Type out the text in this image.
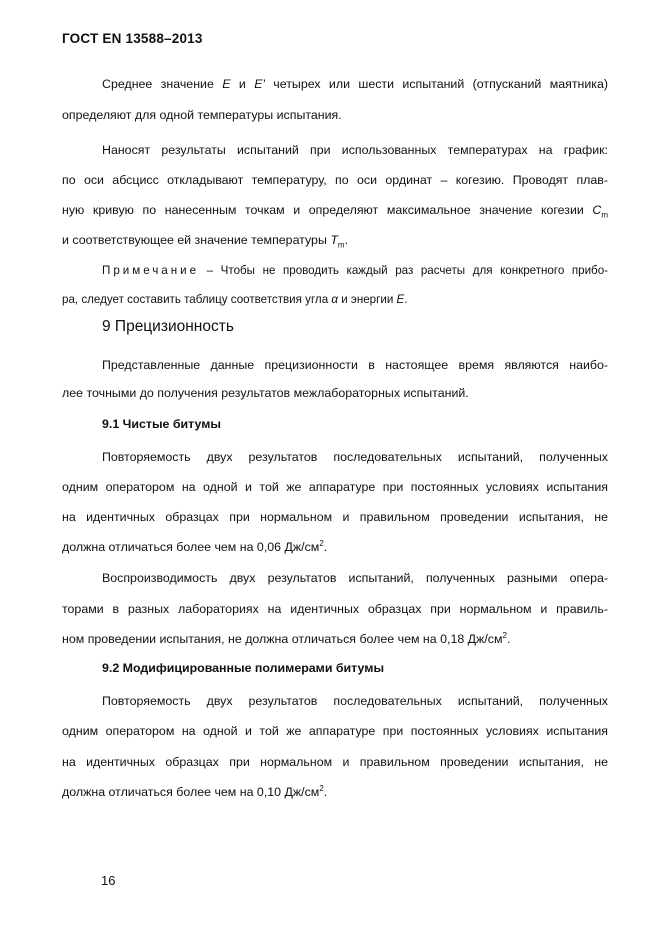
ГОСТ EN 13588–2013
Среднее значение E и E' четырех или шести испытаний (отпусканий маятника)
определяют для одной температуры испытания.
Наносят результаты испытаний при использованных температурах на график:
по оси абсцисс откладывают температуру, по оси ординат – когезию. Проводят плав-
ную кривую по нанесенным точкам и определяют максимальное значение когезии $C_m$
и соответствующее ей значение температуры $T_m$.
Примечание – Чтобы не проводить каждый раз расчеты для конкретного прибо-
ра, следует составить таблицу соответствия угла α и энергии E.
9 Прецизионность
Представленные данные прецизионности в настоящее время являются наибо-
лее точными до получения результатов межлабораторных испытаний.
9.1 Чистые битумы
Повторяемость двух результатов последовательных испытаний, полученных
одним оператором на одной и той же аппаратуре при постоянных условиях испытания
на идентичных образцах при нормальном и правильном проведении испытания, не
должна отличаться более чем на 0,06 $Дж/см^2$.
Воспроизводимость двух результатов испытаний, полученных разными опера-
торами в разных лабораториях на идентичных образцах при нормальном и правиль-
ном проведении испытания, не должна отличаться более чем на 0,18 $Дж/см^2$.
9.2 Модифицированные полимерами битумы
Повторяемость двух результатов последовательных испытаний, полученных
одним оператором на одной и той же аппаратуре при постоянных условиях испытания
на идентичных образцах при нормальном и правильном проведении испытания, не
должна отличаться более чем на 0,10 $Дж/см^2$.
16
